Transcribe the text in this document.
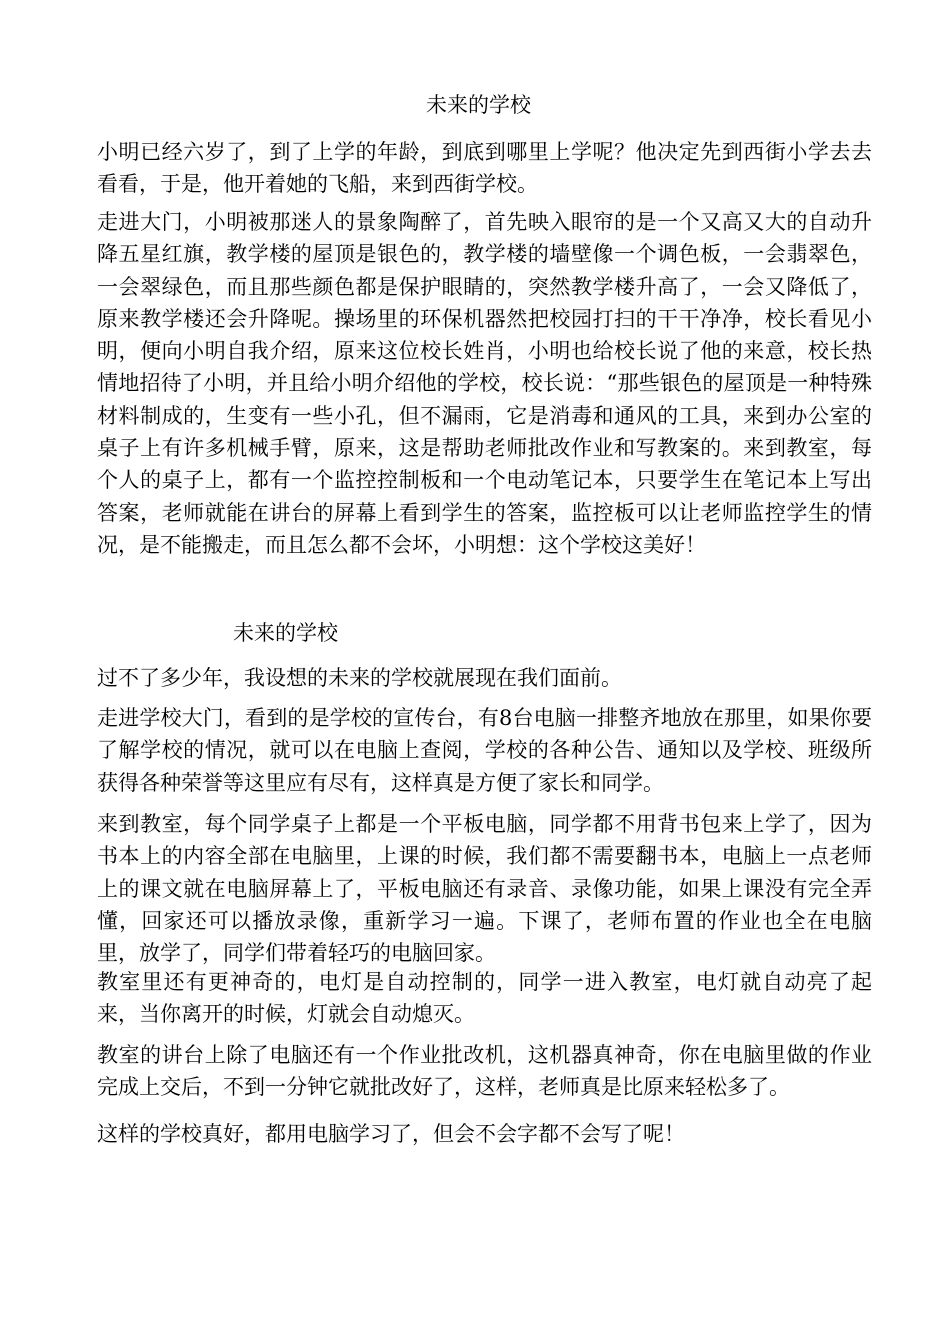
未来的学校

小明已经六岁了，到了上学的年龄，到底到哪里上学呢？他决定先到西街小学去去看看，于是，他开着她的飞船，来到西街学校。

走进大门，小明被那迷人的景象陶醉了，首先映入眼帘的是一个又高又大的自动升降五星红旗，教学楼的屋顶是银色的，教学楼的墙壁像一个调色板，一会翡翠色，一会翠绿色，而且那些颜色都是保护眼睛的，突然教学楼升高了，一会又降低了，原来教学楼还会升降呢。操场里的环保机器然把校园打扫的干干净净，校长看见小明，便向小明自我介绍，原来这位校长姓肖，小明也给校长说了他的来意，校长热情地招待了小明，并且给小明介绍他的学校，校长说：“那些银色的屋顶是一种特殊材料制成的，生变有一些小孔，但不漏雨，它是消毒和通风的工具，来到办公室的桌子上有许多机械手臂，原来，这是帮助老师批改作业和写教案的。来到教室，每个人的桌子上，都有一个监控控制板和一个电动笔记本，只要学生在笔记本上写出答案，老师就能在讲台的屏幕上看到学生的答案，监控板可以让老师监控学生的情况，是不能搬走，而且怎么都不会坏，小明想：这个学校这美好！

未来的学校

过不了多少年，我设想的未来的学校就展现在我们面前。

走进学校大门，看到的是学校的宣传台，有8台电脑一排整齐地放在那里，如果你要了解学校的情况，就可以在电脑上查阅，学校的各种公告、通知以及学校、班级所获得各种荣誉等这里应有尽有，这样真是方便了家长和同学。

来到教室，每个同学桌子上都是一个平板电脑，同学都不用背书包来上学了，因为书本上的内容全部在电脑里，上课的时候，我们都不需要翻书本，电脑上一点老师上的课文就在电脑屏幕上了，平板电脑还有录音、录像功能，如果上课没有完全弄懂，回家还可以播放录像，重新学习一遍。下课了，老师布置的作业也全在电脑里，放学了，同学们带着轻巧的电脑回家。

教室里还有更神奇的，电灯是自动控制的，同学一进入教室，电灯就自动亮了起来，当你离开的时候，灯就会自动熄灭。

教室的讲台上除了电脑还有一个作业批改机，这机器真神奇，你在电脑里做的作业完成上交后，不到一分钟它就批改好了，这样，老师真是比原来轻松多了。

这样的学校真好，都用电脑学习了，但会不会字都不会写了呢！
